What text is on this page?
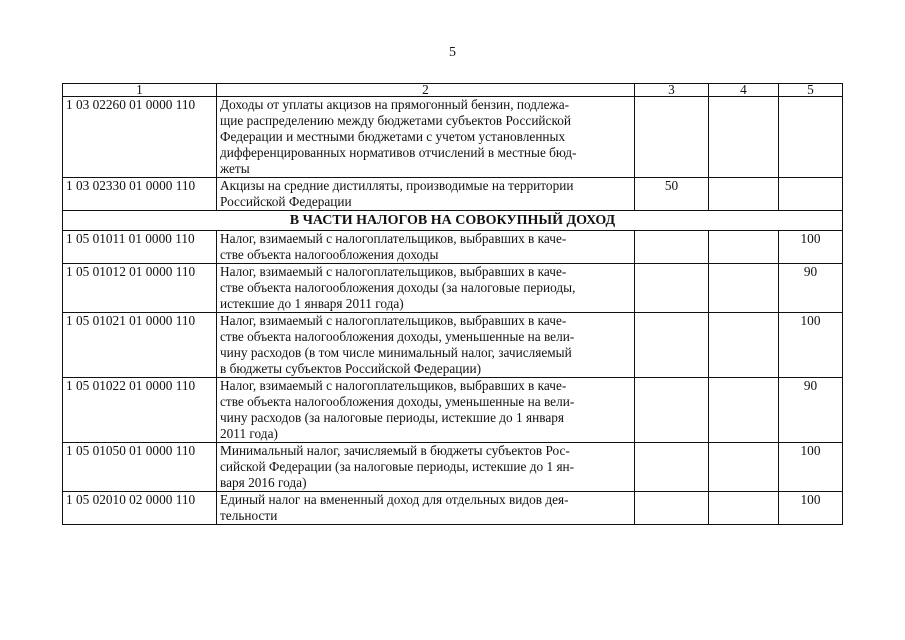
5
1	2	3	4	5
1 03 02260 01 0000 110	Доходы от уплаты акцизов на прямогонный бензин, подлежа-
щие распределению между бюджетами субъектов Российской
Федерации и местными бюджетами с учетом установленных
дифференцированных нормативов отчислений в местные бюд-
жеты			

1 03 02330 01 0000 110	Акцизы на средние дистилляты, производимые на территории
Российской Федерации	50		
В ЧАСТИ НАЛОГОВ НА СОВОКУПНЫЙ ДОХОД				
1 05 01011 01 0000 110	Налог, взимаемый с налогоплательщиков, выбравших в каче-
стве объекта налогообложения доходы			100
1 05 01012 01 0000 110	Налог, взимаемый с налогоплательщиков, выбравших в каче-
стве объекта налогообложения доходы (за налоговые периоды,
истекшие до 1 января 2011 года)			90
1 05 01021 01 0000 110	Налог, взимаемый с налогоплательщиков, выбравших в каче-
стве объекта налогообложения доходы, уменьшенные на вели-
чину расходов (в том числе минимальный налог, зачисляемый
в бюджеты субъектов Российской Федерации)			100
1 05 01022 01 0000 110	Налог, взимаемый с налогоплательщиков, выбравших в каче-
стве объекта налогообложения доходы, уменьшенные на вели-
чину расходов (за налоговые периоды, истекшие до 1 января
2011 года)			90
1 05 01050 01 0000 110	Минимальный налог, зачисляемый в бюджеты субъектов Рос-
сийской Федерации (за налоговые периоды, истекшие до 1 ян-
варя 2016 года)			100
1 05 02010 02 0000 110	Единый налог на вмененный доход для отдельных видов дея-
тельности			100
